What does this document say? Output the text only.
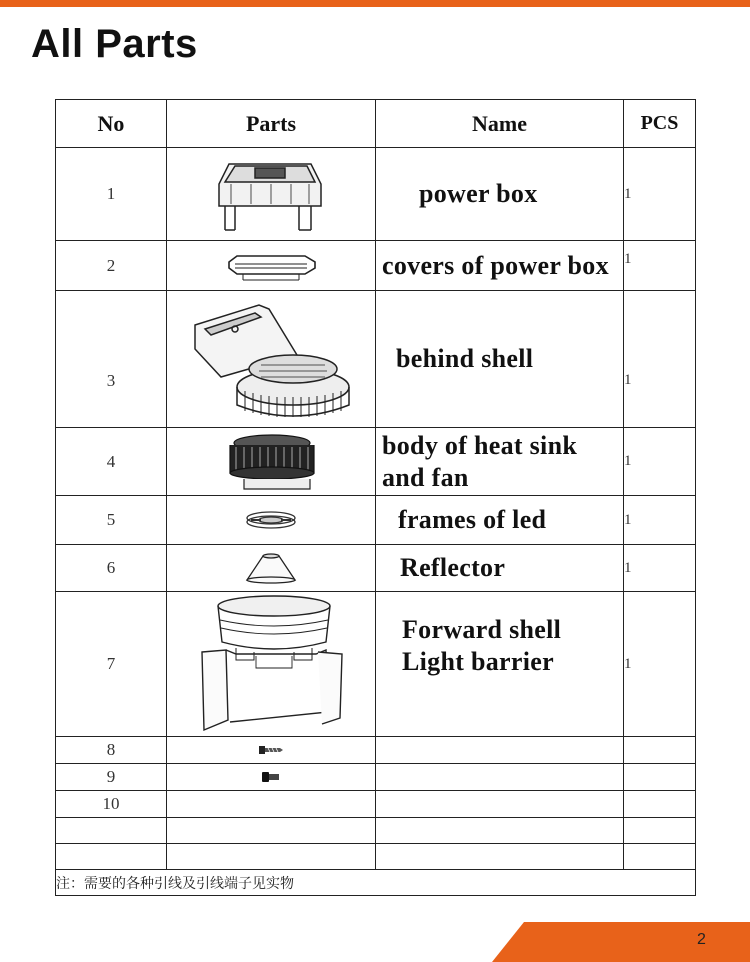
All Parts
No	Parts	Name	PCS
1		power box	1
2		covers of power box	1
3		behind shell	1
4		body of heat sink
and fan	1
5		frames of led	1
6		Reflector	1
7		Forward shell
Light barrier	1
8	

9	

10			

注：需要的各种引线及引线端子见实物			
2
